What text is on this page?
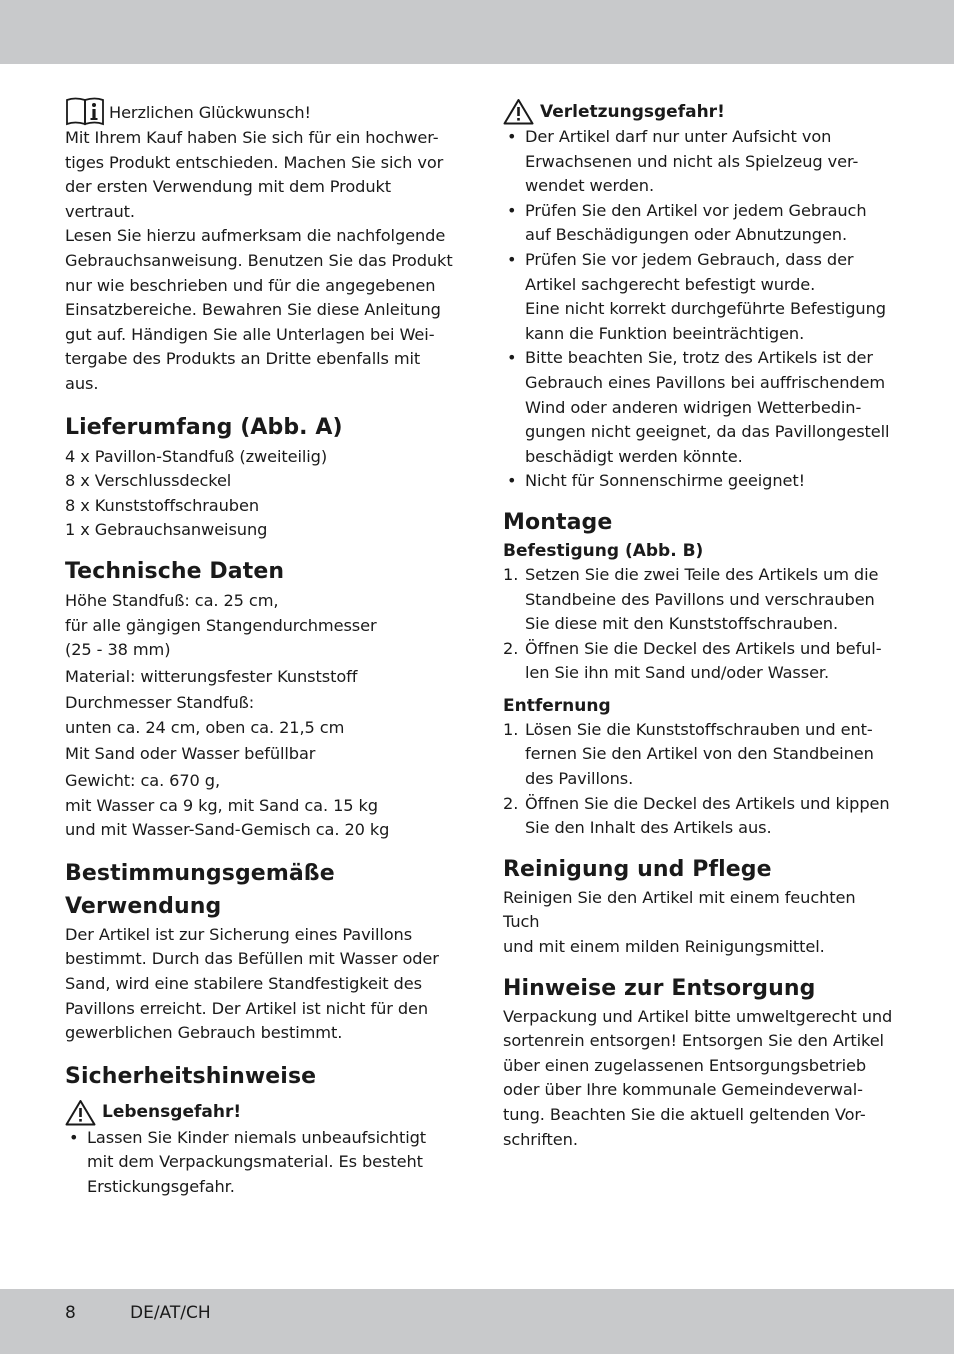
Herzlichen Glückwunsch!

Mit Ihrem Kauf haben Sie sich für ein hochwer-
tiges Produkt entschieden. Machen Sie sich vor
der ersten Verwendung mit dem Produkt vertraut.
Lesen Sie hierzu aufmerksam die nachfolgende
Gebrauchsanweisung. Benutzen Sie das Produkt
nur wie beschrieben und für die angegebenen
Einsatzbereiche. Bewahren Sie diese Anleitung
gut auf. Händigen Sie alle Unterlagen bei Wei-
tergabe des Produkts an Dritte ebenfalls mit aus.

Lieferumfang (Abb. A)
4 x Pavillon-Standfuß (zweiteilig)
8 x Verschlussdeckel
8 x Kunststoffschrauben
1 x Gebrauchsanweisung
Technische Daten

Höhe Standfuß: ca. 25 cm,
für alle gängigen Stangendurchmesser
(25 - 38 mm)

Material: witterungsfester Kunststoff

Durchmesser Standfuß:
unten ca. 24 cm, oben ca. 21,5 cm

Mit Sand oder Wasser befüllbar

Gewicht: ca. 670 g,
mit Wasser ca 9 kg, mit Sand ca. 15 kg
und mit Wasser-Sand-Gemisch ca. 20 kg

Bestimmungsgemäße
Verwendung

Der Artikel ist zur Sicherung eines Pavillons
bestimmt. Durch das Befüllen mit Wasser oder
Sand, wird eine stabilere Standfestigkeit des
Pavillons erreicht. Der Artikel ist nicht für den
gewerblichen Gebrauch bestimmt.

Sicherheitshinweise
Lebensgefahr!
• Lassen Sie Kinder niemals unbeaufsichtigt
mit dem Verpackungsmaterial. Es besteht
Erstickungsgefahr.
Verletzungsgefahr!
• Der Artikel darf nur unter Aufsicht von
Erwachsenen und nicht als Spielzeug ver-
wendet werden.
• Prüfen Sie den Artikel vor jedem Gebrauch
auf Beschädigungen oder Abnutzungen.
• Prüfen Sie vor jedem Gebrauch, dass der
Artikel sachgerecht befestigt wurde.
Eine nicht korrekt durchgeführte Befestigung
kann die Funktion beeinträchtigen.
• Bitte beachten Sie, trotz des Artikels ist der
Gebrauch eines Pavillons bei auffrischendem
Wind oder anderen widrigen Wetterbedin-
gungen nicht geeignet, da das Pavillongestell
beschädigt werden könnte.
• Nicht für Sonnenschirme geeignet!
Montage
Befestigung (Abb. B)
1. Setzen Sie die zwei Teile des Artikels um die
Standbeine des Pavillons und verschrauben
Sie diese mit den Kunststoffschrauben.
2. Öffnen Sie die Deckel des Artikels und beful-
len Sie ihn mit Sand und/oder Wasser.
Entfernung
1. Lösen Sie die Kunststoffschrauben und ent-
fernen Sie den Artikel von den Standbeinen
des Pavillons.
2. Öffnen Sie die Deckel des Artikels und kippen
Sie den Inhalt des Artikels aus.
Reinigung und Pflege

Reinigen Sie den Artikel mit einem feuchten Tuch
und mit einem milden Reinigungsmittel.

Hinweise zur Entsorgung

Verpackung und Artikel bitte umweltgerecht und
sortenrein entsorgen! Entsorgen Sie den Artikel
über einen zugelassenen Entsorgungsbetrieb
oder über Ihre kommunale Gemeindeverwal-
tung. Beachten Sie die aktuell geltenden Vor-
schriften.

8	DE/AT/CH
